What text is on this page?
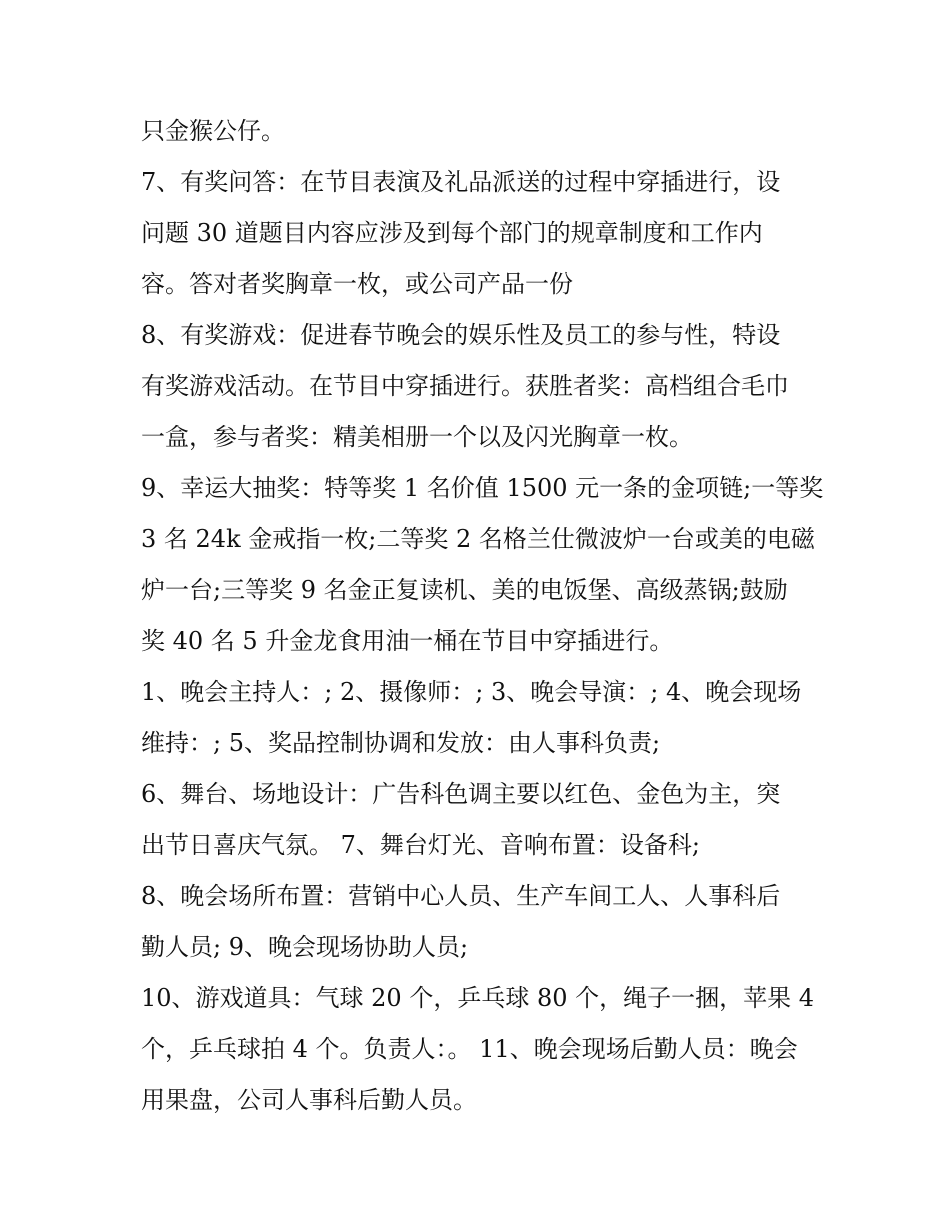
只金猴公仔。

7、有奖问答：在节目表演及礼品派送的过程中穿插进行，设
问题 30 道题目内容应涉及到每个部门的规章制度和工作内
容。答对者奖胸章一枚，或公司产品一份

8、有奖游戏：促进春节晚会的娱乐性及员工的参与性，特设
有奖游戏活动。在节目中穿插进行。获胜者奖：高档组合毛巾
一盒，参与者奖：精美相册一个以及闪光胸章一枚。

9、幸运大抽奖：特等奖 1 名价值 1500 元一条的金项链;一等奖
3 名 24k 金戒指一枚;二等奖 2 名格兰仕微波炉一台或美的电磁
炉一台;三等奖 9 名金正复读机、美的电饭堡、高级蒸锅;鼓励
奖 40 名 5 升金龙食用油一桶在节目中穿插进行。

1、晚会主持人：; 2、摄像师：; 3、晚会导演：; 4、晚会现场
维持：; 5、奖品控制协调和发放：由人事科负责;

6、舞台、场地设计：广告科色调主要以红色、金色为主，突
出节日喜庆气氛。 7、舞台灯光、音响布置：设备科;

8、晚会场所布置：营销中心人员、生产车间工人、人事科后
勤人员; 9、晚会现场协助人员;

10、游戏道具：气球 20 个，乒乓球 80 个，绳子一捆，苹果 4
个，乒乓球拍 4 个。负责人：。 11、晚会现场后勤人员：晚会
用果盘，公司人事科后勤人员。
